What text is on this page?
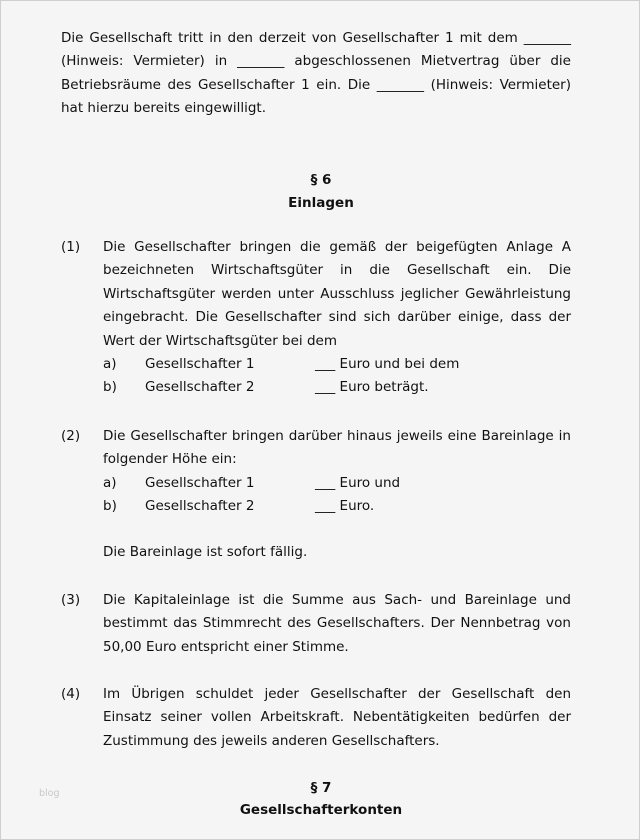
Die Gesellschaft tritt in den derzeit von Gesellschafter 1 mit dem _______ (Hinweis: Vermieter) in _______ abgeschlossenen Mietvertrag über die Betriebsräume des Gesellschafter 1 ein. Die _______ (Hinweis: Vermieter) hat hierzu bereits eingewilligt.
§ 6
Einlagen
(1) Die Gesellschafter bringen die gemäß der beigefügten Anlage A bezeichneten Wirtschaftsgüter in die Gesellschaft ein. Die Wirtschaftsgüter werden unter Ausschluss jeglicher Gewährleistung eingebracht. Die Gesellschafter sind sich darüber einige, dass der Wert der Wirtschaftsgüter bei dem
a) Gesellschafter 1	___ Euro und bei dem
b) Gesellschafter 2	___ Euro beträgt.
(2) Die Gesellschafter bringen darüber hinaus jeweils eine Bareinlage in folgender Höhe ein:
a) Gesellschafter 1	___ Euro und
b) Gesellschafter 2	___ Euro.
Die Bareinlage ist sofort fällig.
(3) Die Kapitaleinlage ist die Summe aus Sach- und Bareinlage und bestimmt das Stimmrecht des Gesellschafters. Der Nennbetrag von 50,00 Euro entspricht einer Stimme.
(4) Im Übrigen schuldet jeder Gesellschafter der Gesellschaft den Einsatz seiner vollen Arbeitskraft. Nebentätigkeiten bedürfen der Zustimmung des jeweils anderen Gesellschafters.
§ 7
Gesellschafterkonten
blog
